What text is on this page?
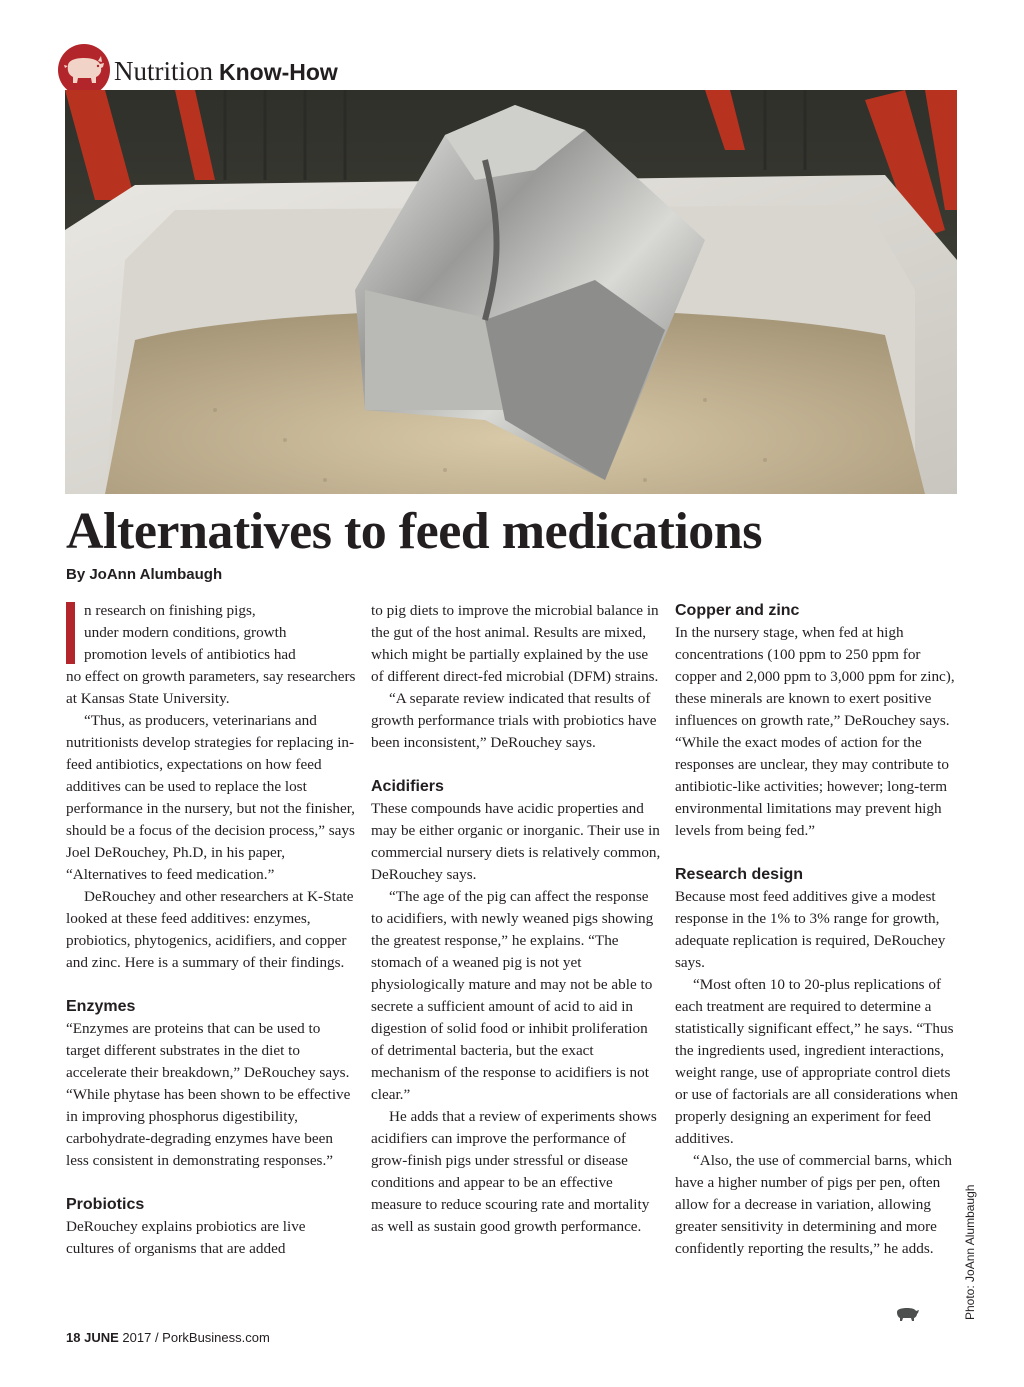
Nutrition Know-How
Alternatives to feed medications
By JoAnn Alumbaugh

n research on finishing pigs,

under modern conditions, growth

promotion levels of antibiotics had

no effect on growth parameters, say researchers at Kansas State University.

“Thus, as producers, veterinarians and nutritionists develop strategies for replacing in-feed antibiotics, expectations on how feed additives can be used to replace the lost performance in the nursery, but not the finisher, should be a focus of the decision process,” says Joel DeRouchey, Ph.D, in his paper, “Alternatives to feed medication.”

DeRouchey and other researchers at K-State looked at these feed additives: enzymes, probiotics, phytogenics, acidifiers, and copper and zinc. Here is a summary of their findings.

Enzymes

“Enzymes are proteins that can be used to target different substrates in the diet to accelerate their breakdown,” DeRouchey says. “While phytase has been shown to be effective in improving phosphorus digestibility, carbohydrate-degrading enzymes have been less consistent in demonstrating responses.”

Probiotics

DeRouchey explains probiotics are live cultures of organisms that are added

to pig diets to improve the microbial balance in the gut of the host animal. Results are mixed, which might be partially explained by the use of different direct-fed microbial (DFM) strains.

“A separate review indicated that results of growth performance trials with probiotics have been inconsistent,” DeRouchey says.

Acidifiers

These compounds have acidic properties and may be either organic or inorganic. Their use in commercial nursery diets is relatively common, DeRouchey says.

“The age of the pig can affect the response to acidifiers, with newly weaned pigs showing the greatest response,” he explains. “The stomach of a weaned pig is not yet physiologically mature and may not be able to secrete a sufficient amount of acid to aid in digestion of solid food or inhibit proliferation of detrimental bacteria, but the exact mechanism of the response to acidifiers is not clear.”

He adds that a review of experiments shows acidifiers can improve the performance of grow-finish pigs under stressful or disease conditions and appear to be an effective measure to reduce scouring rate and mortality as well as sustain good growth performance.

Copper and zinc

In the nursery stage, when fed at high concentrations (100 ppm to 250 ppm for copper and 2,000 ppm to 3,000 ppm for zinc), these minerals are known to exert positive influences on growth rate,” DeRouchey says. “While the exact modes of action for the responses are unclear, they may contribute to antibiotic-like activities; however; long-term environmental limitations may prevent high levels from being fed.”

Research design

Because most feed additives give a modest response in the 1% to 3% range for growth, adequate replication is required, DeRouchey says.

“Most often 10 to 20-plus replications of each treatment are required to determine a statistically significant effect,” he says. “Thus the ingredients used, ingredient interactions, weight range, use of appropriate control diets or use of factorials are all considerations when properly designing an experiment for feed additives.

“Also, the use of commercial barns, which have a higher number of pigs per pen, often allow for a decrease in variation, allowing greater sensitivity in determining and more confidently reporting the results,” he adds.	Photo: JoAnn Alumbaugh
18 JUNE 2017 / PorkBusiness.com
